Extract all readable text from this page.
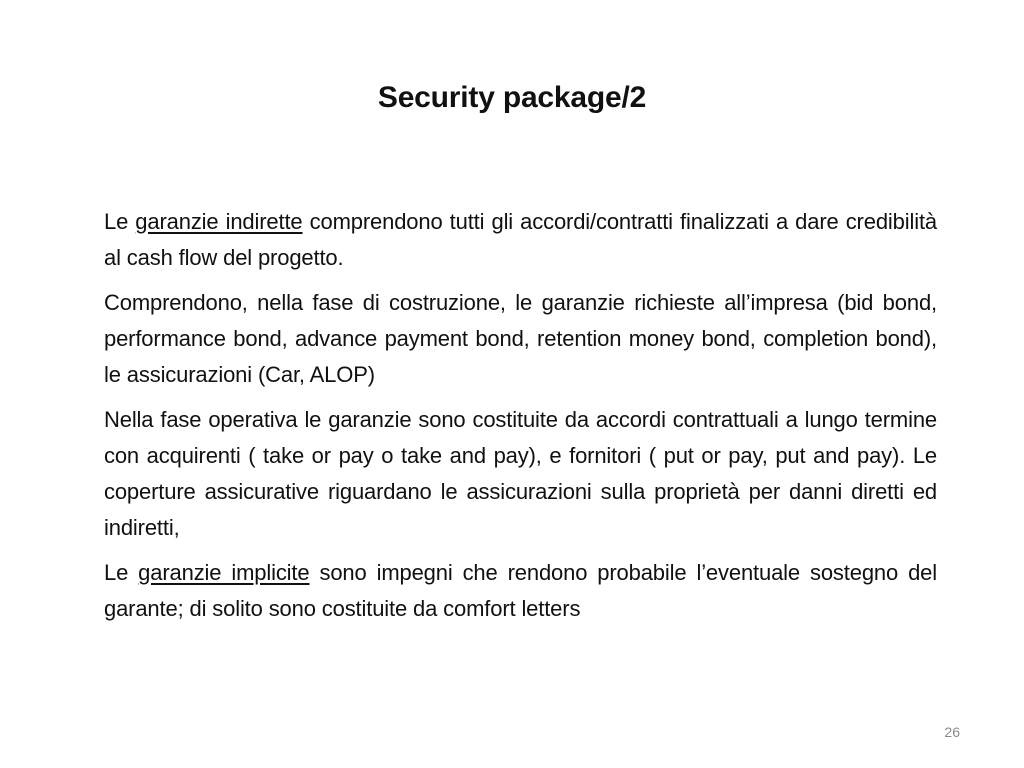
Security package/2

Le garanzie indirette comprendono tutti gli accordi/contratti finalizzati a dare credibilità al cash flow del progetto.

Comprendono, nella fase di costruzione, le garanzie richieste all’impresa (bid bond, performance bond, advance payment bond, retention money bond, completion bond), le assicurazioni (Car, ALOP)

Nella fase operativa le garanzie sono costituite da accordi contrattuali a lungo termine con acquirenti ( take or pay o take and pay), e fornitori ( put or pay, put and pay). Le coperture assicurative riguardano le assicurazioni sulla proprietà per danni diretti ed indiretti,

Le garanzie implicite sono impegni che rendono probabile l’eventuale sostegno del garante; di solito sono costituite da comfort letters

26
